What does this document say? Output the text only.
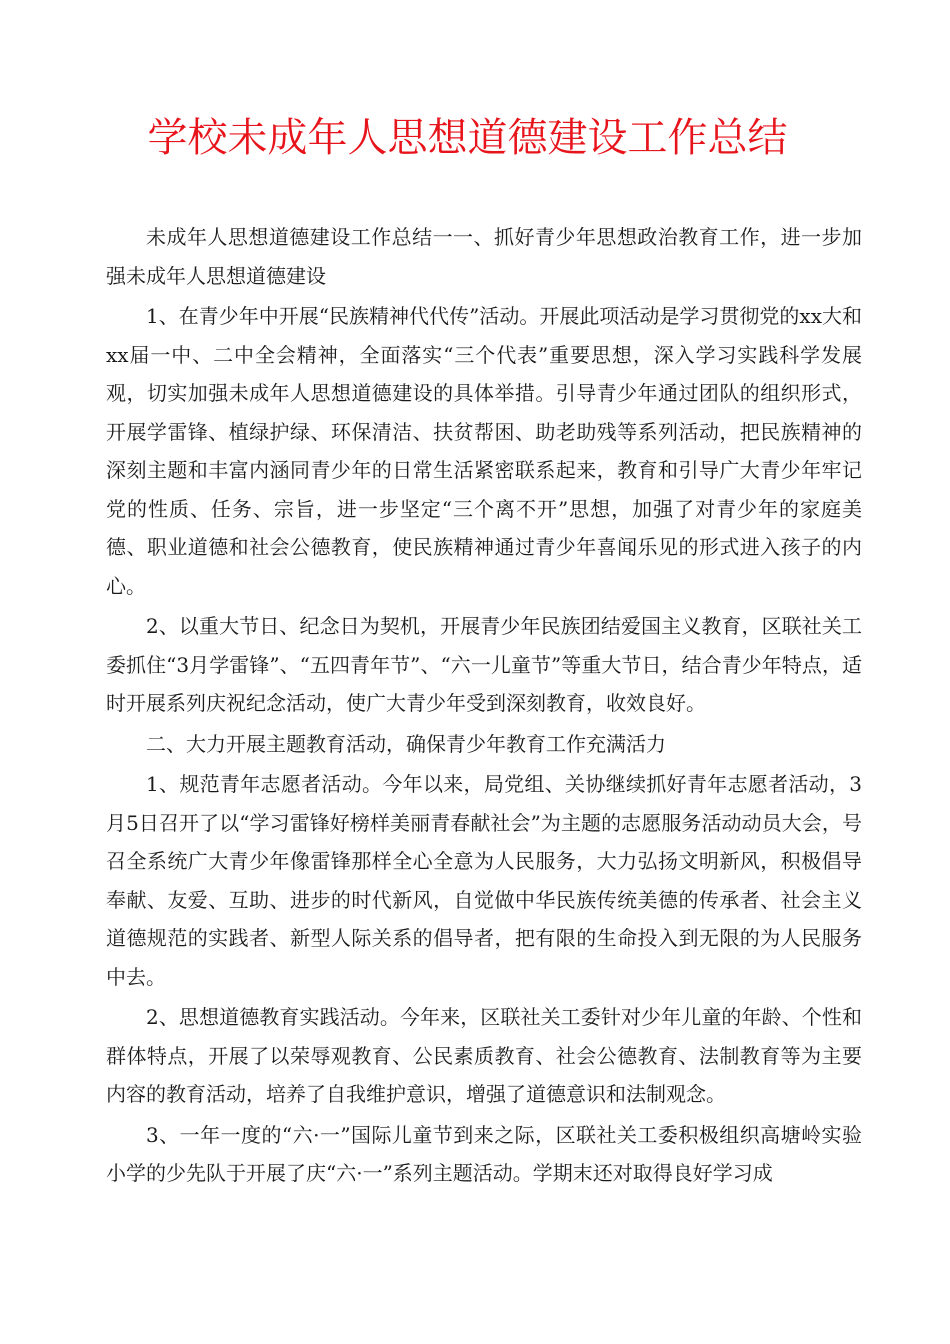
学校未成年人思想道德建设工作总结

未成年人思想道德建设工作总结一一、抓好青少年思想政治教育工作，进一步加强未成年人思想道德建设

1、在青少年中开展“民族精神代代传”活动。开展此项活动是学习贯彻党的xx大和xx届一中、二中全会精神，全面落实“三个代表”重要思想，深入学习实践科学发展观，切实加强未成年人思想道德建设的具体举措。引导青少年通过团队的组织形式，开展学雷锋、植绿护绿、环保清洁、扶贫帮困、助老助残等系列活动，把民族精神的深刻主题和丰富内涵同青少年的日常生活紧密联系起来，教育和引导广大青少年牢记党的性质、任务、宗旨，进一步坚定“三个离不开”思想，加强了对青少年的家庭美德、职业道德和社会公德教育，使民族精神通过青少年喜闻乐见的形式进入孩子的内心。

2、以重大节日、纪念日为契机，开展青少年民族团结爱国主义教育，区联社关工委抓住“3月学雷锋”、“五四青年节”、“六一儿童节”等重大节日，结合青少年特点，适时开展系列庆祝纪念活动，使广大青少年受到深刻教育，收效良好。

二、大力开展主题教育活动，确保青少年教育工作充满活力

1、规范青年志愿者活动。今年以来，局党组、关协继续抓好青年志愿者活动，3月5日召开了以“学习雷锋好榜样美丽青春献社会”为主题的志愿服务活动动员大会，号召全系统广大青少年像雷锋那样全心全意为人民服务，大力弘扬文明新风，积极倡导奉献、友爱、互助、进步的时代新风，自觉做中华民族传统美德的传承者、社会主义道德规范的实践者、新型人际关系的倡导者，把有限的生命投入到无限的为人民服务中去。

2、思想道德教育实践活动。今年来，区联社关工委针对少年儿童的年龄、个性和群体特点，开展了以荣辱观教育、公民素质教育、社会公德教育、法制教育等为主要内容的教育活动，培养了自我维护意识，增强了道德意识和法制观念。

3、一年一度的“六·一”国际儿童节到来之际，区联社关工委积极组织高塘岭实验小学的少先队于开展了庆“六·一”系列主题活动。学期末还对取得良好学习成
